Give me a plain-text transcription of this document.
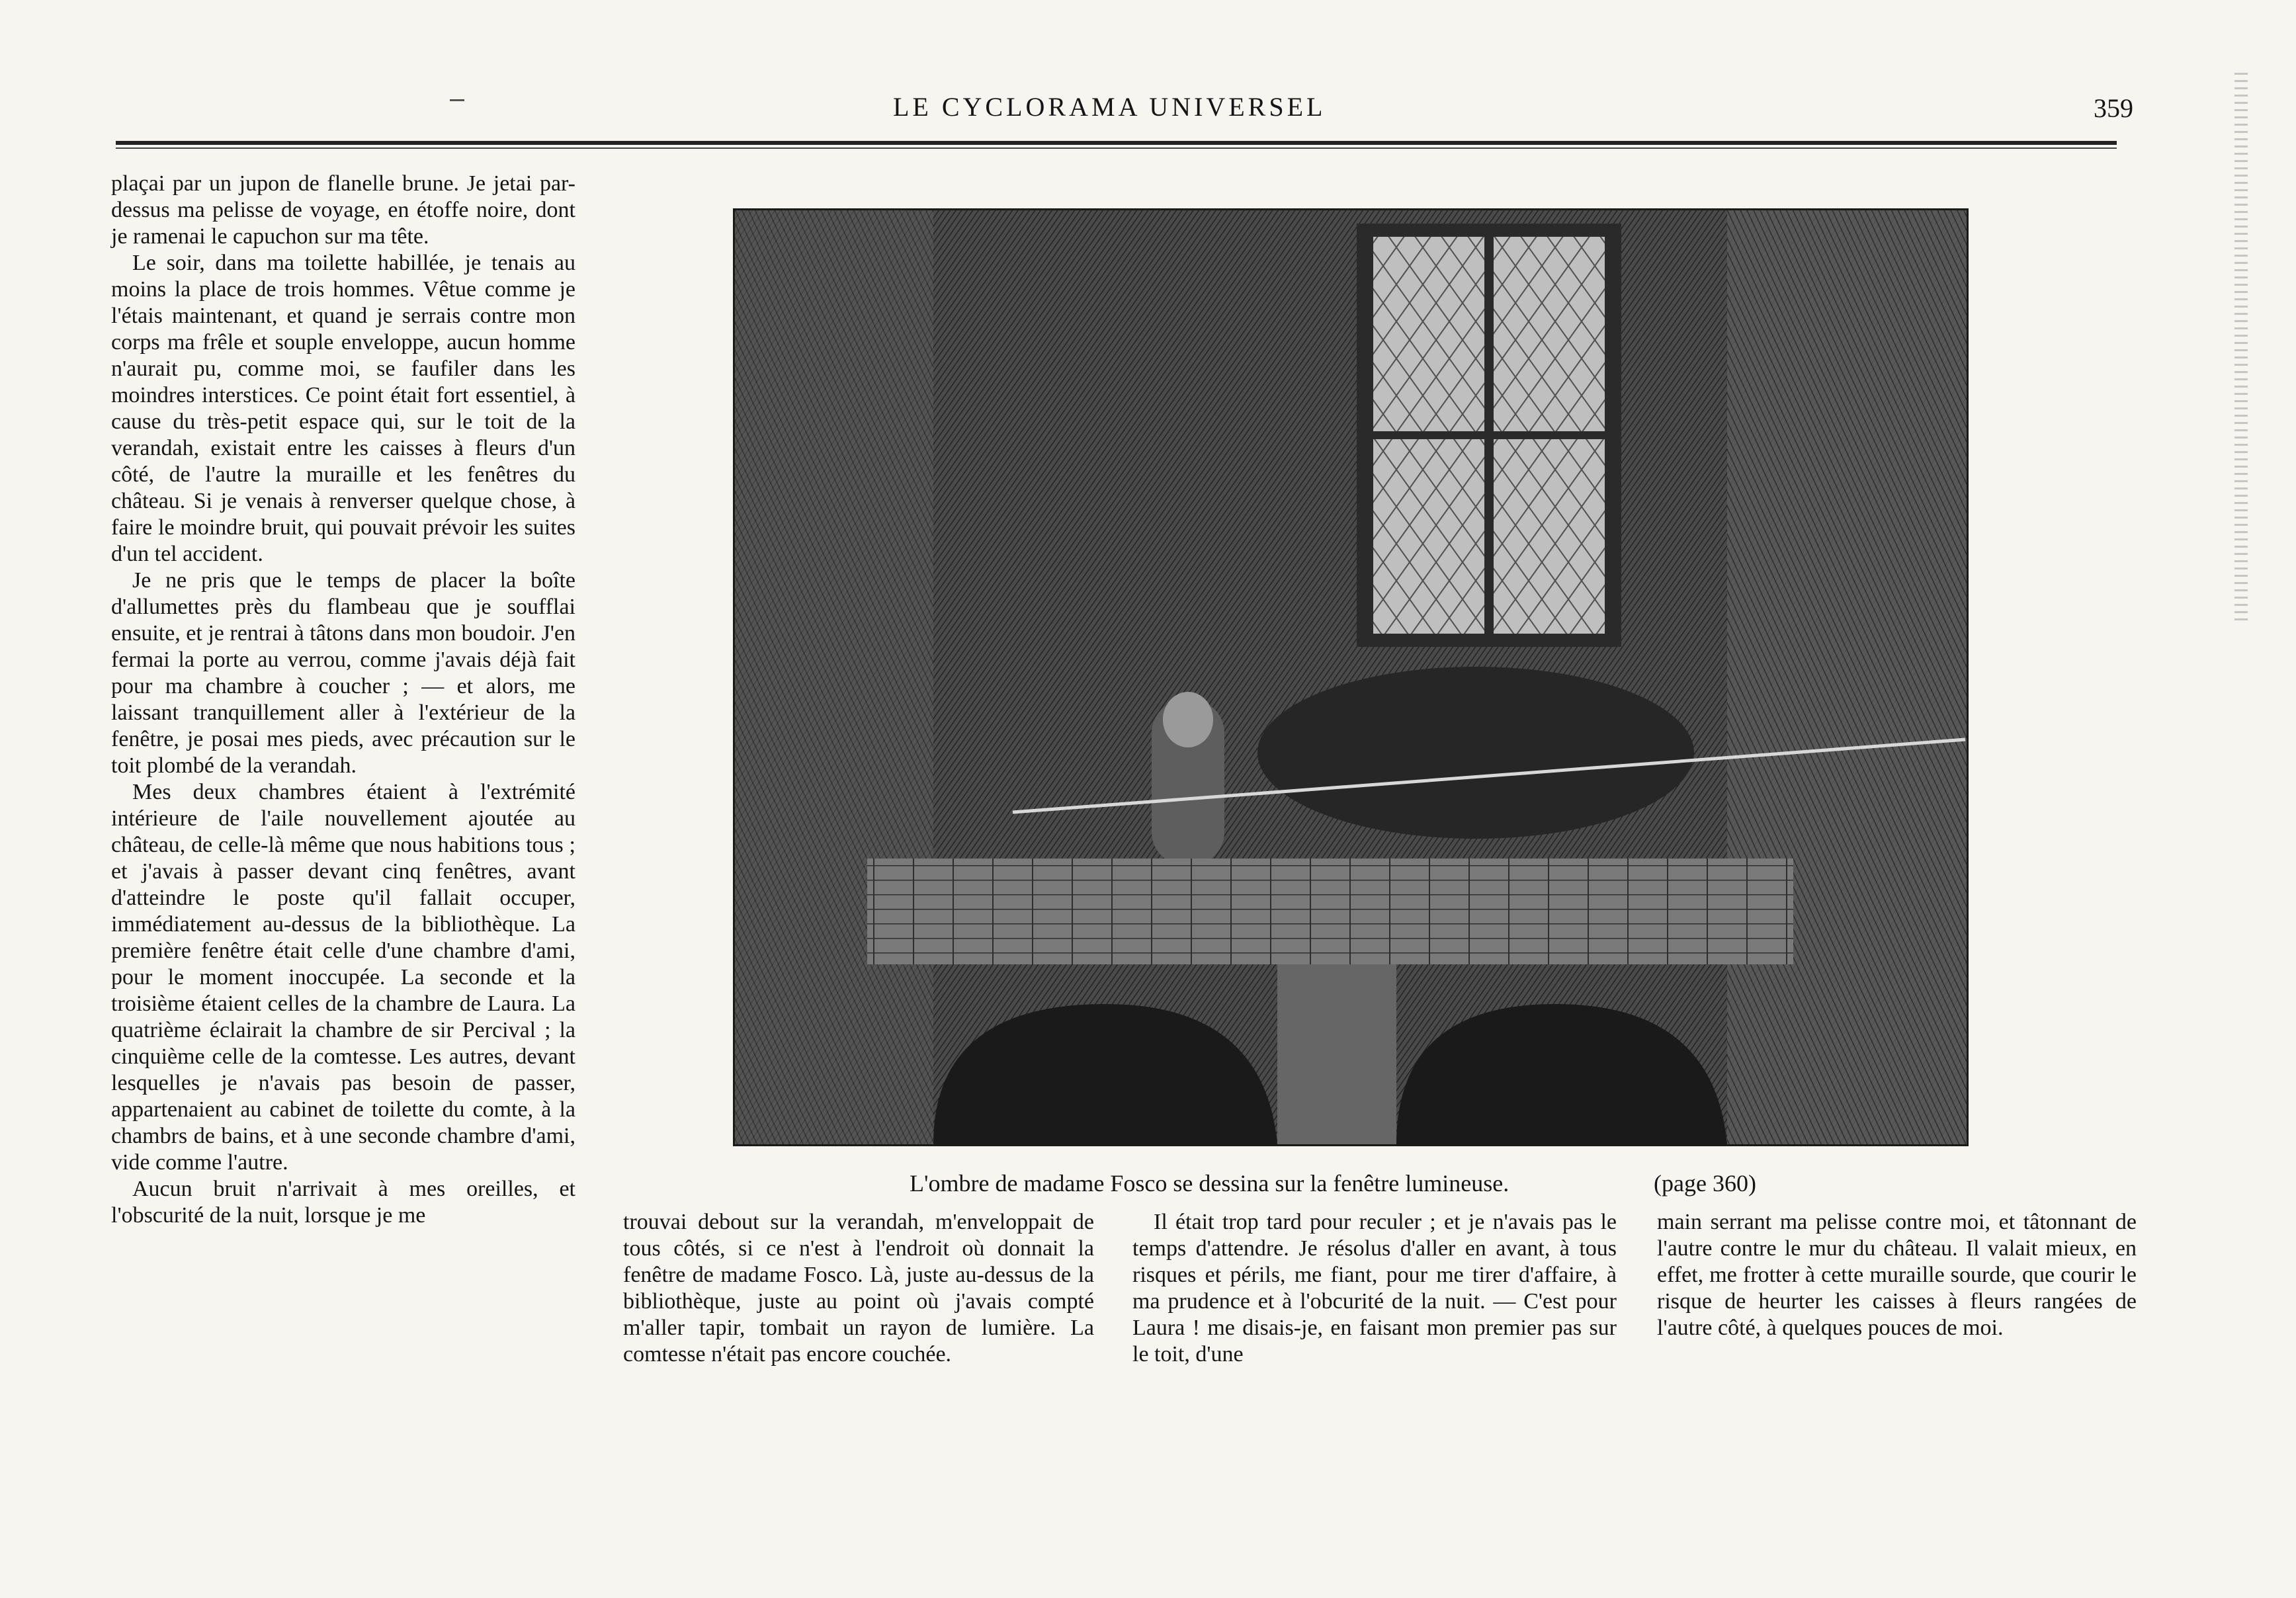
LE CYCLORAMA UNIVERSEL	359

plaçai par un jupon de flanelle brune. Je jetai par-dessus ma pelisse de voyage, en étoffe noire, dont je ramenai le capuchon sur ma tête.

Le soir, dans ma toilette habillée, je tenais au moins la place de trois hommes. Vêtue comme je l'étais maintenant, et quand je serrais contre mon corps ma frêle et souple enveloppe, aucun homme n'aurait pu, comme moi, se faufiler dans les moindres interstices. Ce point était fort essentiel, à cause du très-petit espace qui, sur le toit de la verandah, existait entre les caisses à fleurs d'un côté, de l'autre la muraille et les fenêtres du château. Si je venais à renverser quelque chose, à faire le moindre bruit, qui pouvait prévoir les suites d'un tel accident.

Je ne pris que le temps de placer la boîte d'allumettes près du flambeau que je soufflai ensuite, et je rentrai à tâtons dans mon boudoir. J'en fermai la porte au verrou, comme j'avais déjà fait pour ma chambre à coucher ; — et alors, me laissant tranquillement aller à l'extérieur de la fenêtre, je posai mes pieds, avec précaution sur le toit plombé de la verandah.

Mes deux chambres étaient à l'extrémité intérieure de l'aile nouvellement ajoutée au château, de celle-là même que nous habitions tous ; et j'avais à passer devant cinq fenêtres, avant d'atteindre le poste qu'il fallait occuper, immédiatement au-dessus de la bibliothèque. La première fenêtre était celle d'une chambre d'ami, pour le moment inoccupée. La seconde et la troisième étaient celles de la chambre de Laura. La quatrième éclairait la chambre de sir Percival ; la cinquième celle de la comtesse. Les autres, devant lesquelles je n'avais pas besoin de passer, appartenaient au cabinet de toilette du comte, à la chambrs de bains, et à une seconde chambre d'ami, vide comme l'autre.

Aucun bruit n'arrivait à mes oreilles, et l'obscurité de la nuit, lorsque je me

L'ombre de madame Fosco se dessina sur la fenêtre lumineuse.	(page 360)

trouvai debout sur la verandah, m'enveloppait de tous côtés, si ce n'est à l'endroit où donnait la fenêtre de madame Fosco. Là, juste au-dessus de la bibliothèque, juste au point où j'avais compté m'aller tapir, tombait un rayon de lumière. La comtesse n'était pas encore couchée.

Il était trop tard pour reculer ; et je n'avais pas le temps d'attendre. Je résolus d'aller en avant, à tous risques et périls, me fiant, pour me tirer d'affaire, à ma prudence et à l'obcurité de la nuit. — C'est pour Laura ! me disais-je, en faisant mon premier pas sur le toit, d'une

main serrant ma pelisse contre moi, et tâtonnant de l'autre contre le mur du château. Il valait mieux, en effet, me frotter à cette muraille sourde, que courir le risque de heurter les caisses à fleurs rangées de l'autre côté, à quelques pouces de moi.
